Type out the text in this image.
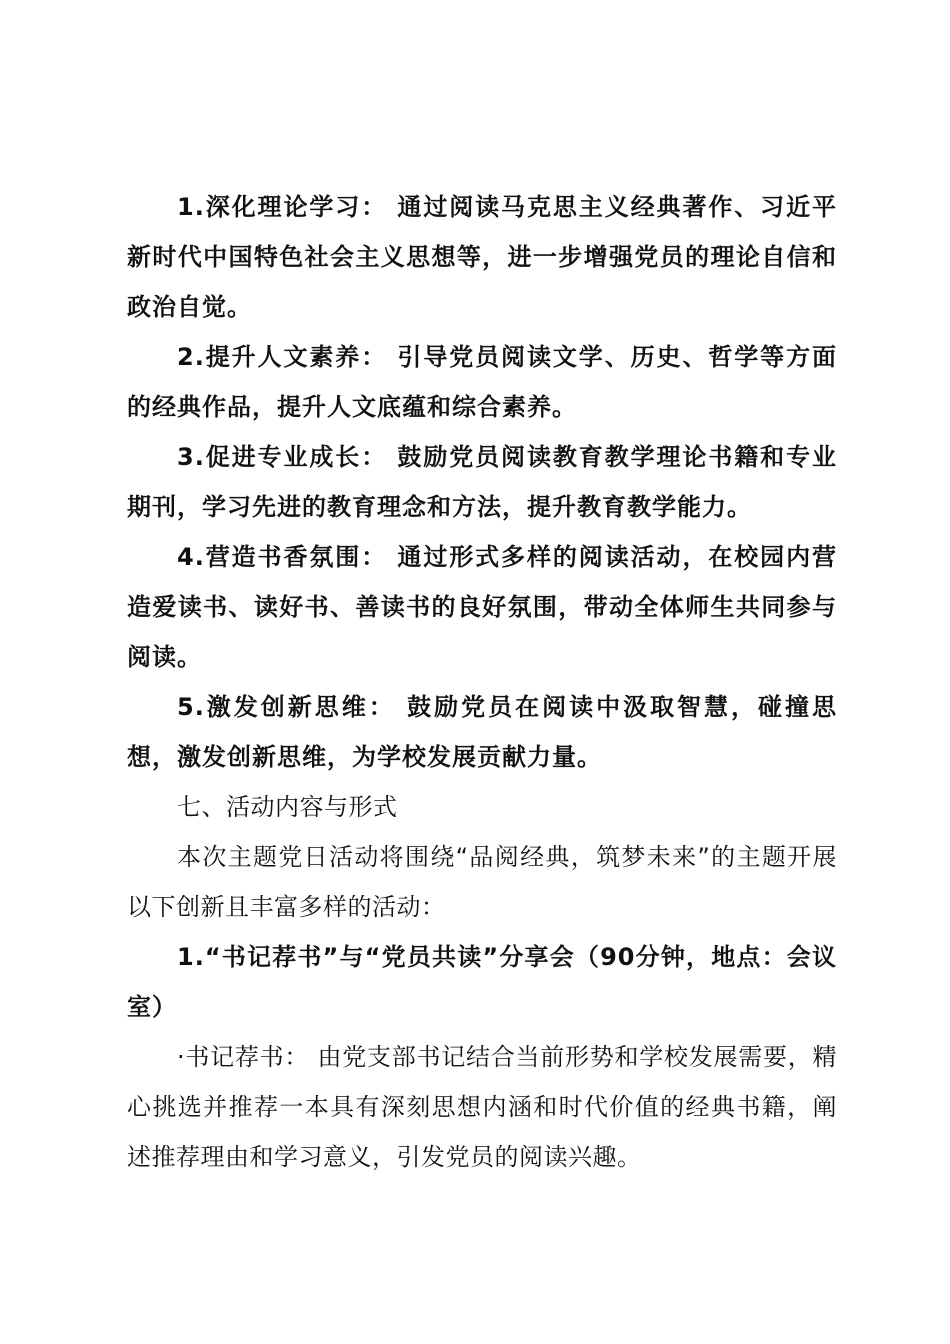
1.深化理论学习： 通过阅读马克思主义经典著作、习近平新时代中国特色社会主义思想等，进一步增强党员的理论自信和政治自觉。

2.提升人文素养： 引导党员阅读文学、历史、哲学等方面的经典作品，提升人文底蕴和综合素养。

3.促进专业成长： 鼓励党员阅读教育教学理论书籍和专业期刊，学习先进的教育理念和方法，提升教育教学能力。

4.营造书香氛围： 通过形式多样的阅读活动，在校园内营造爱读书、读好书、善读书的良好氛围，带动全体师生共同参与阅读。

5.激发创新思维： 鼓励党员在阅读中汲取智慧，碰撞思想，激发创新思维，为学校发展贡献力量。

七、活动内容与形式

本次主题党日活动将围绕“品阅经典，筑梦未来”的主题开展以下创新且丰富多样的活动：

1.“书记荐书”与“党员共读”分享会（90分钟，地点：会议室）

·书记荐书： 由党支部书记结合当前形势和学校发展需要，精心挑选并推荐一本具有深刻思想内涵和时代价值的经典书籍，阐述推荐理由和学习意义，引发党员的阅读兴趣。
